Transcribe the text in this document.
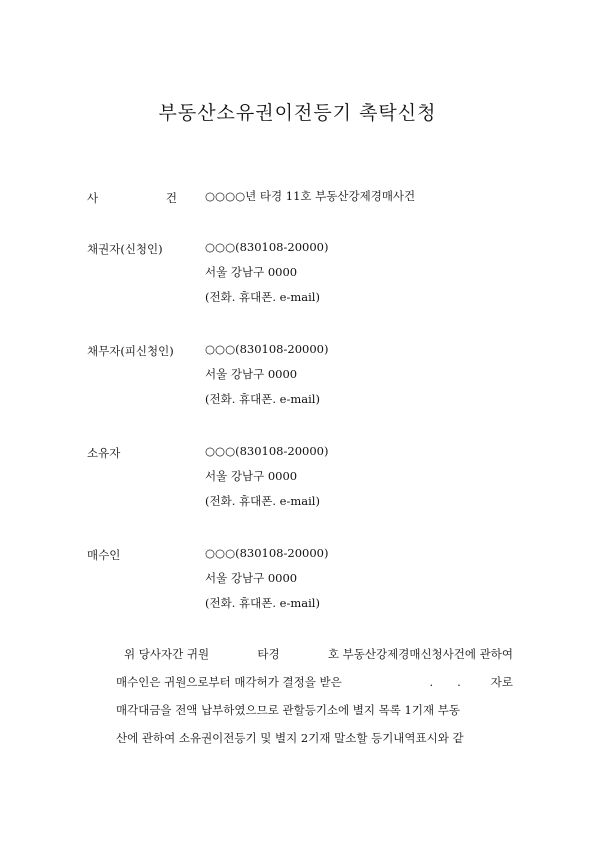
부동산소유권이전등기 촉탁신청
사	건 ○○○○년 타경 11호 부동산강제경매사건
채권자(신청인)	○○○(830108-20000)
서울 강남구 0000
(전화. 휴대폰. e-mail)
채무자(피신청인)	○○○(830108-20000)
서울 강남구 0000
(전화. 휴대폰. e-mail)
소유자	○○○(830108-20000)
서울 강남구 0000
(전화. 휴대폰. e-mail)
매수인	○○○(830108-20000)
서울 강남구 0000
(전화. 휴대폰. e-mail)
위 당사자간 귀원	타경	호 부동산강제경매신청사건에 관하여
매수인은 귀원으로부터 매각허가 결정을 받은	. .	자로
매각대금을 전액 납부하였으므로 관할등기소에 별지 목록 1기재 부동
산에 관하여 소유권이전등기 및 별지 2기재 말소할 등기내역표시와 같
